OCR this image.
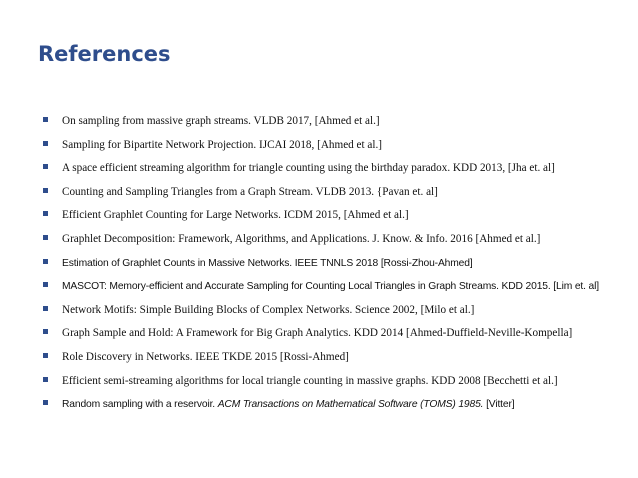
References
On sampling from massive graph streams. VLDB 2017, [Ahmed et al.]
Sampling for Bipartite Network Projection. IJCAI 2018, [Ahmed et al.]
A space efficient streaming algorithm for triangle counting using the birthday paradox. KDD 2013, [Jha et. al]
Counting and Sampling Triangles from a Graph Stream. VLDB 2013. {Pavan et. al]
Efficient Graphlet Counting for Large Networks. ICDM 2015, [Ahmed et al.]
Graphlet Decomposition: Framework, Algorithms, and Applications. J. Know. & Info. 2016 [Ahmed et al.]
Estimation of Graphlet Counts in Massive Networks. IEEE TNNLS 2018 [Rossi-Zhou-Ahmed]
MASCOT: Memory-efficient and Accurate Sampling for Counting Local Triangles in Graph Streams. KDD 2015. [Lim et. al]
Network Motifs: Simple Building Blocks of Complex Networks. Science 2002, [Milo et al.]
Graph Sample and Hold: A Framework for Big Graph Analytics. KDD 2014 [Ahmed-Duffield-Neville-Kompella]
Role Discovery in Networks. IEEE TKDE 2015 [Rossi-Ahmed]
Efficient semi-streaming algorithms for local triangle counting in massive graphs. KDD 2008 [Becchetti et al.]
Random sampling with a reservoir. ACM Transactions on Mathematical Software (TOMS) 1985. [Vitter]
